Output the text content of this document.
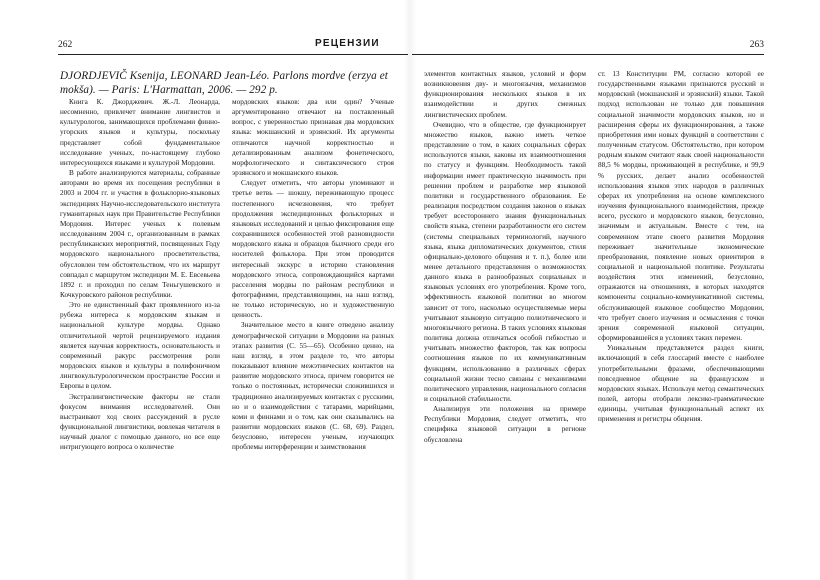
262	РЕЦЕНЗИИ
DJORDJEVIČ Ksenija, LEONARD Jean-Léo. Parlons mordve (erzya et mokša). — Paris: L'Harmattan, 2006. — 292 p.

Книга К. Джорджевич. Ж.-Л. Леонарда, несомненно, привлечет внимание лингвистов и культурологов, занимающихся проблемами финно-угорских языков и культуры, поскольку представляет собой фундаментальное исследование ученых, по-настоящему глубоко интересующихся языками и культурой Мордовии.

В работе анализируются материалы, собранные авторами во время их посещения республики в 2003 и 2004 гг. и участия в фольклорно-языковых экспедициях Научно-исследовательского института гуманитарных наук при Правительстве Республики Мордовия. Интерес ученых к полевым исследованиям 2004 г., организованным в рамках республиканских мероприятий, посвященных Году мордовского национального просветительства, обусловлен тем обстоятельством, что их маршрут совпадал с маршрутом экспедиции М. Е. Евсевьева 1892 г. и проходил по селам Теньгушевского и Кочкуровского районов республики.

Это не единственный факт проявленного из-за рубежа интереса к мордовским языкам и национальной культуре мордвы. Однако отличительной чертой рецензируемого издания является научная корректность, основательность и современный ракурс рассмотрения роли мордовских языков и культуры в полифоничном лингвокультурологическом пространстве России и Европы в целом.

Экстралингвистические факторы не стали фокусом внимания исследователей. Они выстраивают ход своих рассуждений в русле функциональной лингвистики, вовлекая читателя в научный диалог с помощью данного, но все еще интригующего вопроса о количестве

мордовских языков: два или один? Ученые аргументированно отвечают на поставленный вопрос, с уверенностью признавая два мордовских языка: мокшанский и эрзянский. Их аргументы отличаются научной корректностью и детализированным анализом фонетического, морфологического и синтаксического строя эрзянского и мокшанского языков.

Следует отметить, что авторы упоминают и третье ветвь — шокшу, переживающую процесс постепенного исчезновения, что требует продолжения экспедиционных фольклорных и языковых исследований и целью фиксирования еще сохранившихся особенностей этой разновидности мордовского языка и образцов былчного среди его носителей фольклора. При этом проводится интересный экскурс в историю становления мордовского этноса, сопровождающийся картами расселения мордвы по районам республики и фотографиями, представляющими, на наш взгляд, не только историческую, но и художественную ценность.

Значительное место в книге отведено анализу демографической ситуации в Мордовии на разных этапах развития (С. 55—65). Особенно ценно, на наш взгляд, в этом разделе то, что авторы показывают влияние межэтнических контактов на развитие мордовского этноса, причем говорится не только о постоянных, исторически сложившихся и традиционно анализируемых контактах с русскими, но и о взаимодействии с татарами, марийцами, коми и финнами и о том, как они сказывались на развитии мордовских языков (С. 68, 69). Раздел, безусловно, интересен ученым, изучающих проблемы интерференции и заимствования

263

элементов контактных языков, условий и форм возникновения дву- и многоязычия, механизмов функционирования нескольких языков в их взаимодействии и других смежных лингвистических проблем.

Очевидно, что в обществе, где функционирует множество языков, важно иметь четкое представление о том, в каких социальных сферах используются языки, каковы их взаимоотношения по статусу и функциям. Необходимость такой информации имеет практическую значимость при решении проблем и разработке мер языковой политики и государственного образования. Ее реализация посредством создания законов о языках требует всестороннего знания функциональных свойств языка, степени разработанности его систем (системы специальных терминологий, научного языка, языка дипломатических документов, стиля официально-делового общения и т. п.), более или менее детального представления о возможностях данного языка в разнообразных социальных и языковых условиях его употребления. Кроме того, эффективность языковой политики во многом зависит от того, насколько осуществляемые меры учитывают языковую ситуацию полиэтнического и многоязычного региона. В таких условиях языковая политика должна отличаться особой гибкостью и учитывать множество факторов, так как вопросы соотношения языков по их коммуникативным функциям, использованию в различных сферах социальной жизни тесно связаны с механизмами политического управления, национального согласия и социальной стабильности.

Анализируя эти положения на примере Республики Мордовия, следует отметить, что специфика языковой ситуации в регионе обусловлена

ст. 13 Конституции РМ, согласно которой ее государственными языками признаются русский и мордовский (мокшанский и эрзянский) языки. Такой подход использован не только для повышения социальной значимости мордовских языков, но и расширения сферы их функционирования, а также приобретения ими новых функций в соответствии с полученным статусом. Обстоятельство, при котором родным языком считают язык своей национальности 88,5 % мордвы, проживающей в республике, и 99,9 % русских, делает анализ особенностей использования языков этих народов в различных сферах их употребления на основе комплексного изучения функционального взаимодействия, прежде всего, русского и мордовского языков, безусловно, значимым и актуальным. Вместе с тем, на современном этапе своего развития Мордовия переживает значительные экономические преобразования, появление новых ориентиров в социальной и национальной политике. Результаты воздействия этих изменений, безусловно, отражаются на отношениях, в которых находятся компоненты социально-коммуникативной системы, обслуживающей языковое сообщество Мордовии, что требует своего изучения и осмысления с точки зрения современной языковой ситуации, сформировавшейся в условиях таких перемен.

Уникальным представляется раздел книги, включающий в себя глоссарий вместе с наиболее употребительными фразами, обеспечивающими повседневное общение на французском и мордовских языках. Используя метод семантических полей, авторы отобрали лексико-грамматические единицы, учитывая функциональный аспект их применения и регистры общения.
